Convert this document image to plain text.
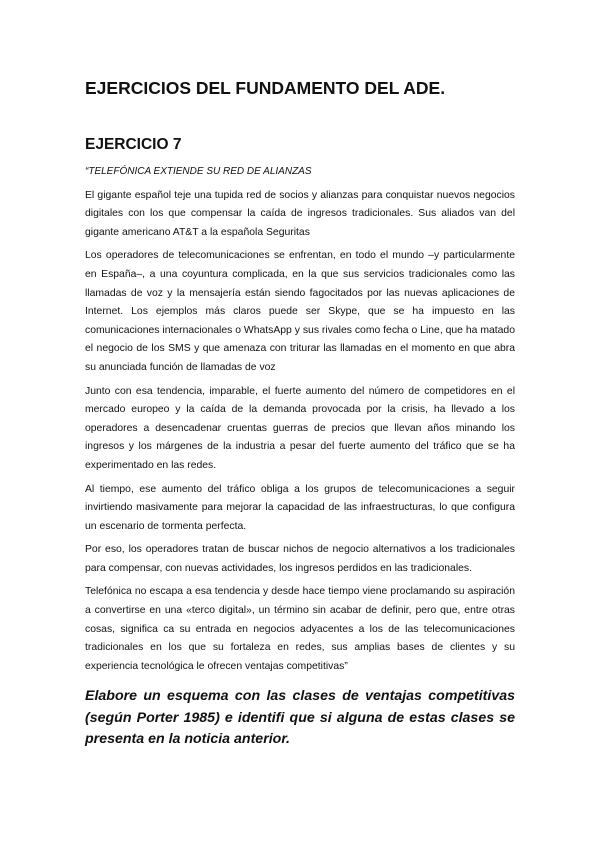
EJERCICIOS DEL FUNDAMENTO DEL ADE.
EJERCICIO 7

“TELEFÓNICA EXTIENDE SU RED DE ALIANZAS

El gigante español teje una tupida red de socios y alianzas para conquistar nuevos negocios digitales con los que compensar la caída de ingresos tradicionales. Sus aliados van del gigante americano AT&T a la española Seguritas

Los operadores de telecomunicaciones se enfrentan, en todo el mundo –y particularmente en España–, a una coyuntura complicada, en la que sus servicios tradicionales como las llamadas de voz y la mensajería están siendo fagocitados por las nuevas aplicaciones de Internet. Los ejemplos más claros puede ser Skype, que se ha impuesto en las comunicaciones internacionales o WhatsApp y sus rivales como fecha o Line, que ha matado el negocio de los SMS y que amenaza con triturar las llamadas en el momento en que abra su anunciada función de llamadas de voz

Junto con esa tendencia, imparable, el fuerte aumento del número de competidores en el mercado europeo y la caída de la demanda provocada por la crisis, ha llevado a los operadores a desencadenar cruentas guerras de precios que llevan años minando los ingresos y los márgenes de la industria a pesar del fuerte aumento del tráfico que se ha experimentado en las redes.

Al tiempo, ese aumento del tráfico obliga a los grupos de telecomunicaciones a seguir invirtiendo masivamente para mejorar la capacidad de las infraestructuras, lo que configura un escenario de tormenta perfecta.

Por eso, los operadores tratan de buscar nichos de negocio alternativos a los tradicionales para compensar, con nuevas actividades, los ingresos perdidos en las tradicionales.

Telefónica no escapa a esa tendencia y desde hace tiempo viene proclamando su aspiración a convertirse en una «terco digital», un término sin acabar de definir, pero que, entre otras cosas, significa ca su entrada en negocios adyacentes a los de las telecomunicaciones tradicionales en los que su fortaleza en redes, sus amplias bases de clientes y su experiencia tecnológica le ofrecen ventajas competitivas”

Elabore un esquema con las clases de ventajas competitivas (según Porter 1985) e identifi que si alguna de estas clases se presenta en la noticia anterior.
